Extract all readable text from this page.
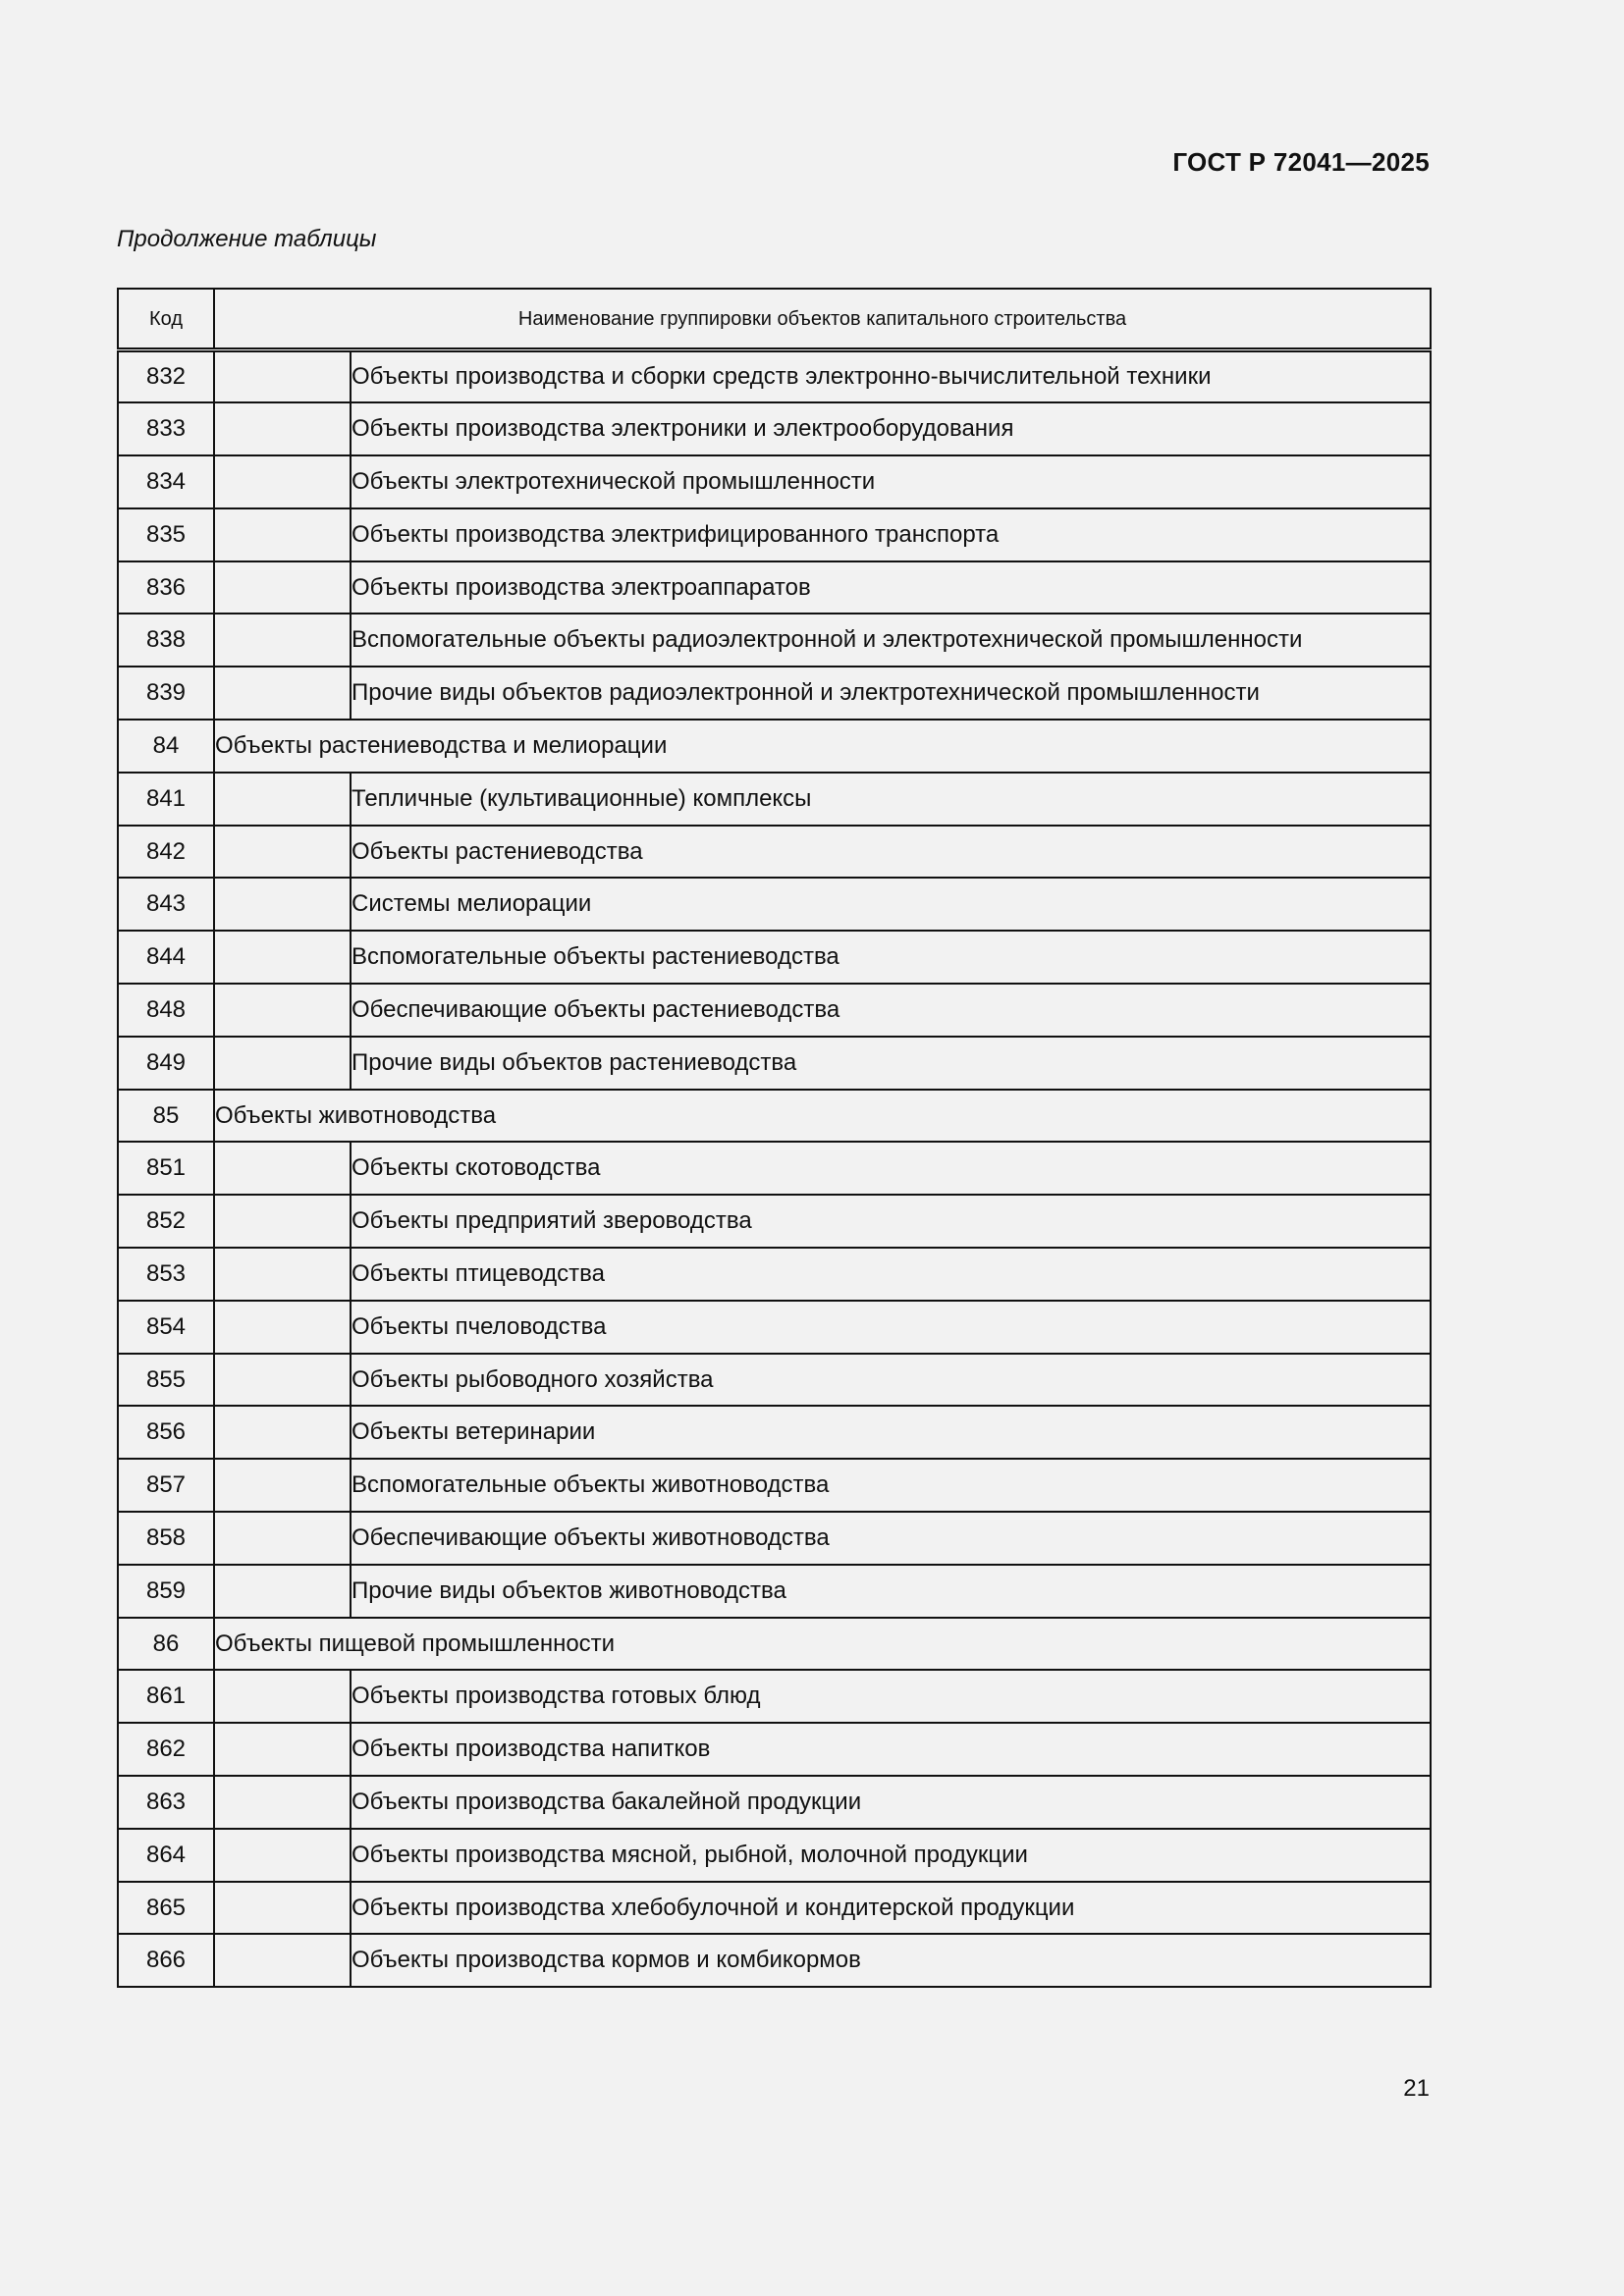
ГОСТ Р 72041—2025
Продолжение таблицы
Код	Наименование группировки объектов капитального строительства	
832		Объекты производства и сборки средств электронно-вычислительной техники
833		Объекты производства электроники и электрооборудования
834		Объекты электротехнической промышленности
835		Объекты производства электрифицированного транспорта
836		Объекты производства электроаппаратов
838		Вспомогательные объекты радиоэлектронной и электротехнической промышленности
839		Прочие виды объектов радиоэлектронной и электротехнической промышленности
84	Объекты растениеводства и мелиорации	
841		Тепличные (культивационные) комплексы
842		Объекты растениеводства
843		Системы мелиорации
844		Вспомогательные объекты растениеводства
848		Обеспечивающие объекты растениеводства
849		Прочие виды объектов растениеводства
85	Объекты животноводства	
851		Объекты скотоводства
852		Объекты предприятий звероводства
853		Объекты птицеводства
854		Объекты пчеловодства
855		Объекты рыбоводного хозяйства
856		Объекты ветеринарии
857		Вспомогательные объекты животноводства
858		Обеспечивающие объекты животноводства
859		Прочие виды объектов животноводства
86	Объекты пищевой промышленности	
861		Объекты производства готовых блюд
862		Объекты производства напитков
863		Объекты производства бакалейной продукции
864		Объекты производства мясной, рыбной, молочной продукции
865		Объекты производства хлебобулочной и кондитерской продукции
866		Объекты производства кормов и комбикормов
21
